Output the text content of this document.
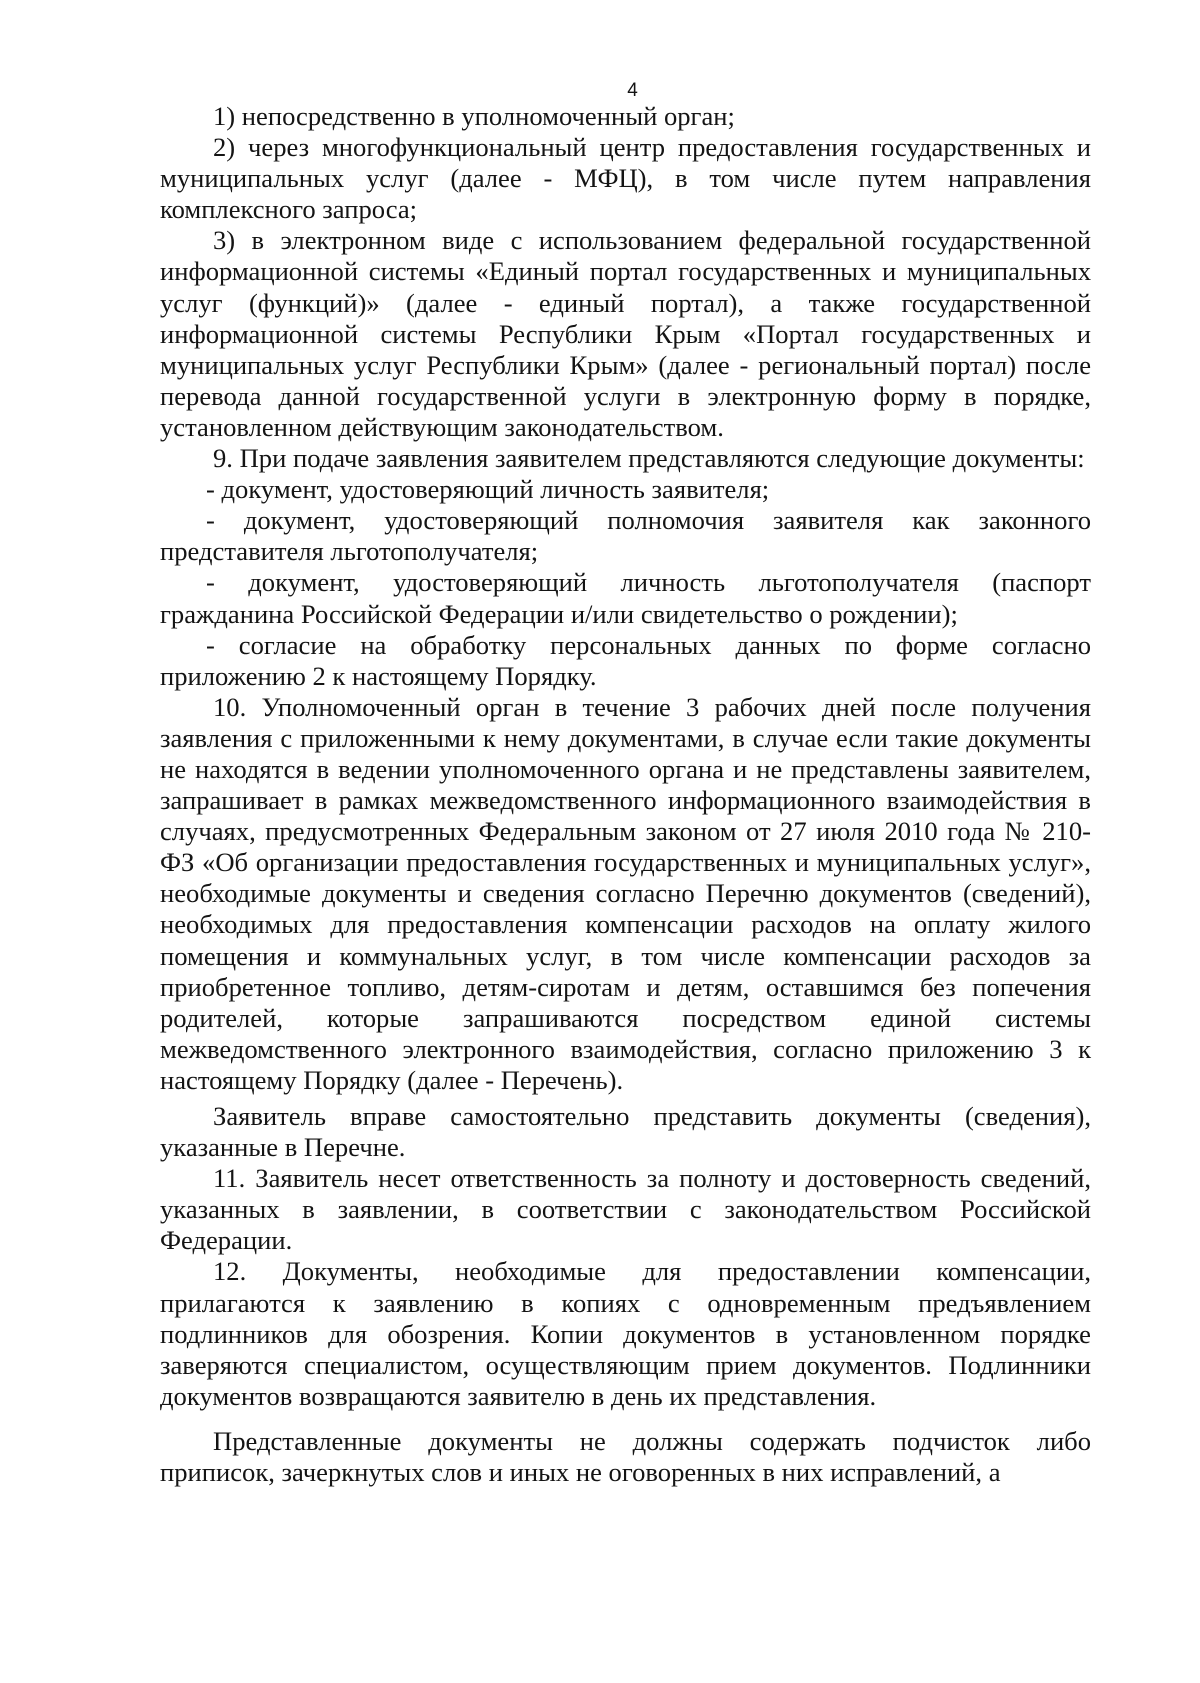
4

1) непосредственно в уполномоченный орган;

2) через многофункциональный центр предоставления государственных и муниципальных услуг (далее - МФЦ), в том числе путем направления комплексного запроса;

3) в электронном виде с использованием федеральной государственной информационной системы «Единый портал государственных и муниципальных услуг (функций)» (далее - единый портал), а также государственной информационной системы Республики Крым «Портал государственных и муниципальных услуг Республики Крым» (далее - региональный портал) после перевода данной государственной услуги в электронную форму в порядке, установленном действующим законодательством.

9. При подаче заявления заявителем представляются следующие документы:

- документ, удостоверяющий личность заявителя;

- документ, удостоверяющий полномочия заявителя как законного представителя льготополучателя;

- документ, удостоверяющий личность льготополучателя (паспорт гражданина Российской Федерации и/или свидетельство о рождении);

- согласие на обработку персональных данных по форме согласно приложению 2 к настоящему Порядку.

10. Уполномоченный орган в течение 3 рабочих дней после получения заявления с приложенными к нему документами, в случае если такие документы не находятся в ведении уполномоченного органа и не представлены заявителем, запрашивает в рамках межведомственного информационного взаимодействия в случаях, предусмотренных Федеральным законом от 27 июля 2010 года № 210-ФЗ «Об организации предоставления государственных и муниципальных услуг», необходимые документы и сведения согласно Перечню документов (сведений), необходимых для предоставления компенсации расходов на оплату жилого помещения и коммунальных услуг, в том числе компенсации расходов за приобретенное топливо, детям-сиротам и детям, оставшимся без попечения родителей, которые запрашиваются посредством единой системы межведомственного электронного взаимодействия, согласно приложению 3 к настоящему Порядку (далее - Перечень).

Заявитель вправе самостоятельно представить документы (сведения), указанные в Перечне.

11. Заявитель несет ответственность за полноту и достоверность сведений, указанных в заявлении, в соответствии с законодательством Российской Федерации.

12. Документы, необходимые для предоставлении компенсации, прилагаются к заявлению в копиях с одновременным предъявлением подлинников для обозрения. Копии документов в установленном порядке заверяются специалистом, осуществляющим прием документов. Подлинники документов возвращаются заявителю в день их представления.

Представленные документы не должны содержать подчисток либо приписок, зачеркнутых слов и иных не оговоренных в них исправлений, а
